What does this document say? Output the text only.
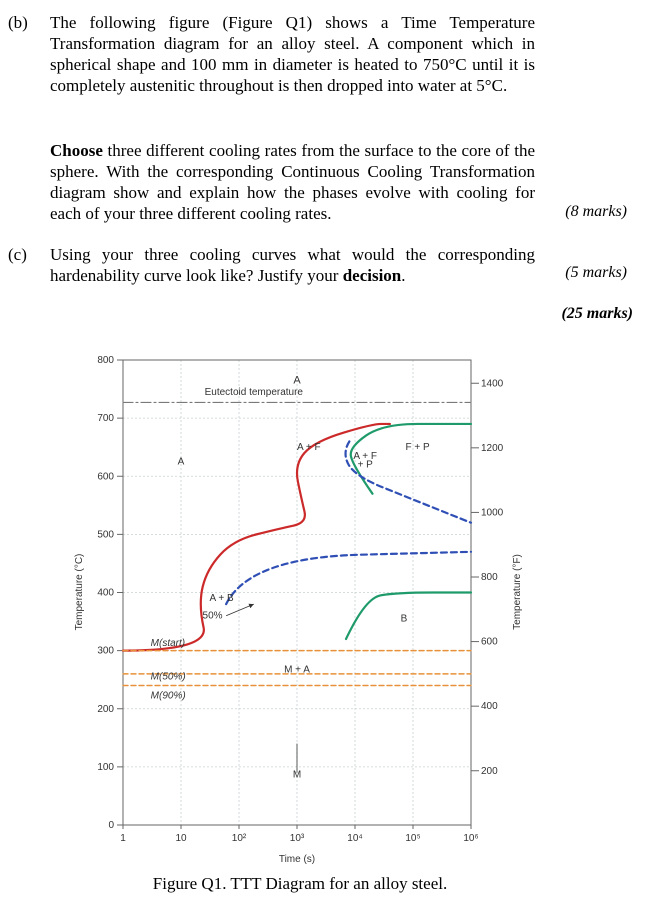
(b) The following figure (Figure Q1) shows a Time Temperature Transformation diagram for an alloy steel. A component which in spherical shape and 100 mm in diameter is heated to 750°C until it is completely austenitic throughout is then dropped into water at 5°C.
Choose three different cooling rates from the surface to the core of the sphere. With the corresponding Continuous Cooling Transformation diagram show and explain how the phases evolve with cooling for each of your three different cooling rates.	(8 marks)
(c) Using your three cooling curves what would the corresponding hardenability curve look like? Justify your decision.	(5 marks)
(25 marks)
0
100
200
300
400
500
600
700
800
1	10	10²	10³	10⁴	10⁵	10⁶
200
400
600
800
1000
1200
1400
Time (s)
Temperature (°C)	Temperature (°F)
A
Eutectoid temperature
A
A + F
A + F
+ P
F + P
A + B
50%	B
M + A
M
M(start)
M(50%)
M(90%)
Figure Q1. TTT Diagram for an alloy steel.
